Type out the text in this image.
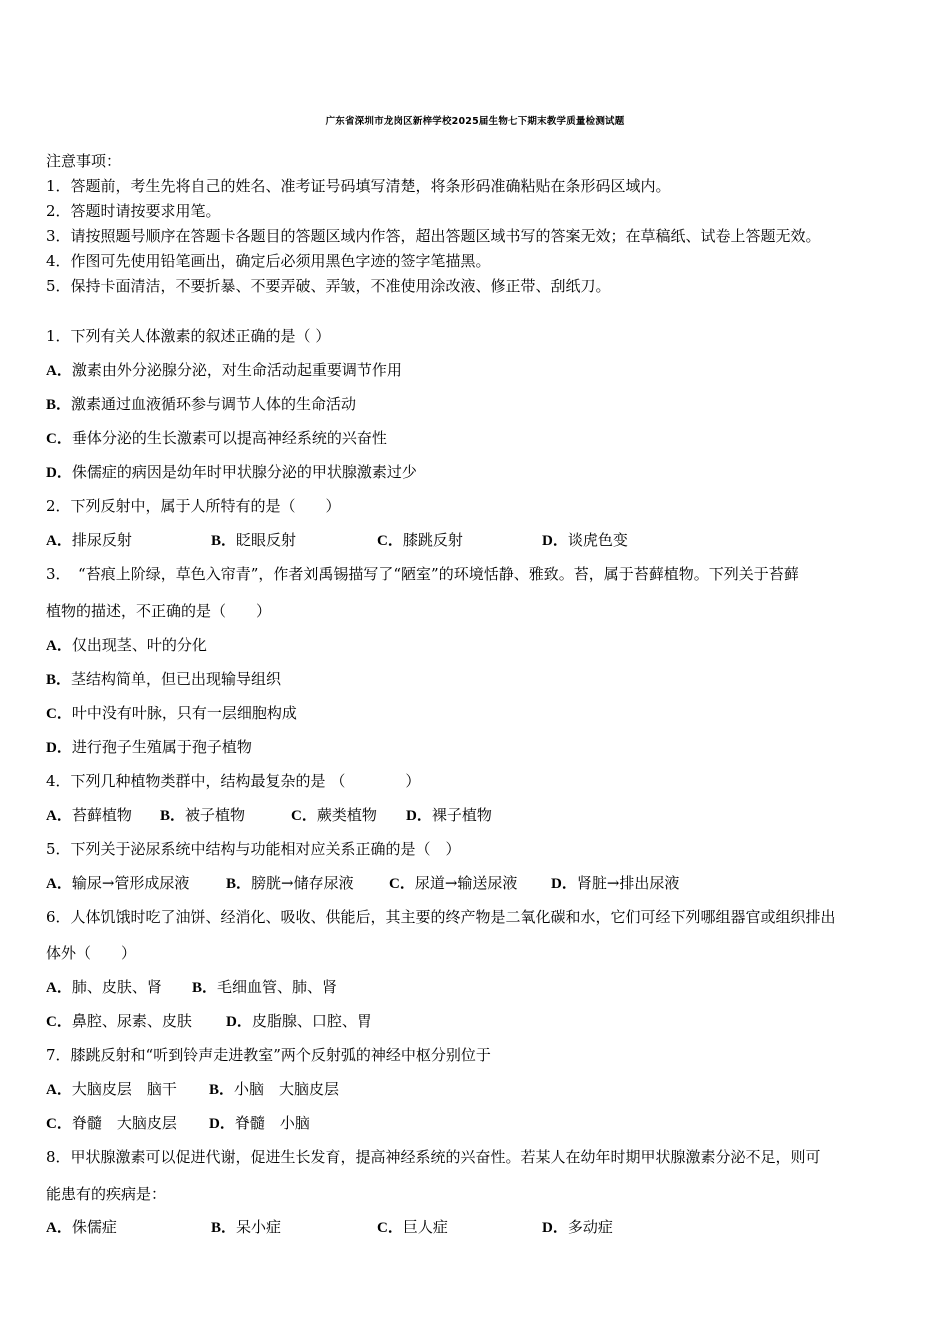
广东省深圳市龙岗区新梓学校2025届生物七下期末教学质量检测试题
注意事项：
1．答题前，考生先将自己的姓名、准考证号码填写清楚，将条形码准确粘贴在条形码区域内。
2．答题时请按要求用笔。
3．请按照题号顺序在答题卡各题目的答题区域内作答，超出答题区域书写的答案无效；在草稿纸、试卷上答题无效。
4．作图可先使用铅笔画出，确定后必须用黑色字迹的签字笔描黑。
5．保持卡面清洁，不要折暴、不要弄破、弄皱，不准使用涂改液、修正带、刮纸刀。
1．下列有关人体激素的叙述正确的是（ ）
A．激素由外分泌腺分泌，对生命活动起重要调节作用
B．激素通过血液循环参与调节人体的生命活动
C．垂体分泌的生长激素可以提高神经系统的兴奋性
D．侏儒症的病因是幼年时甲状腺分泌的甲状腺激素过少
2．下列反射中，属于人所特有的是（　　）
A．排尿反射	B．眨眼反射	C．膝跳反射	D．谈虎色变
3．　“苔痕上阶绿，草色入帘青”，作者刘禹锡描写了“陋室”的环境恬静、雅致。苔，属于苔藓植物。下列关于苔藓
植物的描述，不正确的是（　　）
A．仅出现茎、叶的分化
B．茎结构简单，但已出现输导组织
C．叶中没有叶脉，只有一层细胞构成
D．进行孢子生殖属于孢子植物
4．下列几种植物类群中，结构最复杂的是 （　　　　）
A．苔藓植物 B．被子植物	C．蕨类植物 D．裸子植物
5．下列关于泌尿系统中结构与功能相对应关系正确的是（　）
A．输尿→管形成尿液 B．膀胱→储存尿液 C．尿道→输送尿液 D．肾脏→排出尿液
6．人体饥饿时吃了油饼、经消化、吸收、供能后，其主要的终产物是二氧化碳和水，它们可经下列哪组器官或组织排出
体外（　　）
A．肺、皮肤、肾 B．毛细血管、肺、肾
C．鼻腔、尿素、皮肤 D．皮脂腺、口腔、胃
7．膝跳反射和“听到铃声走进教室”两个反射弧的神经中枢分别位于
A．大脑皮层　脑干 B．小脑　大脑皮层
C．脊髓　大脑皮层 D．脊髓　小脑
8．甲状腺激素可以促进代谢，促进生长发育，提高神经系统的兴奋性。若某人在幼年时期甲状腺激素分泌不足，则可
能患有的疾病是：
A．侏儒症	B．呆小症	C．巨人症	D．多动症
